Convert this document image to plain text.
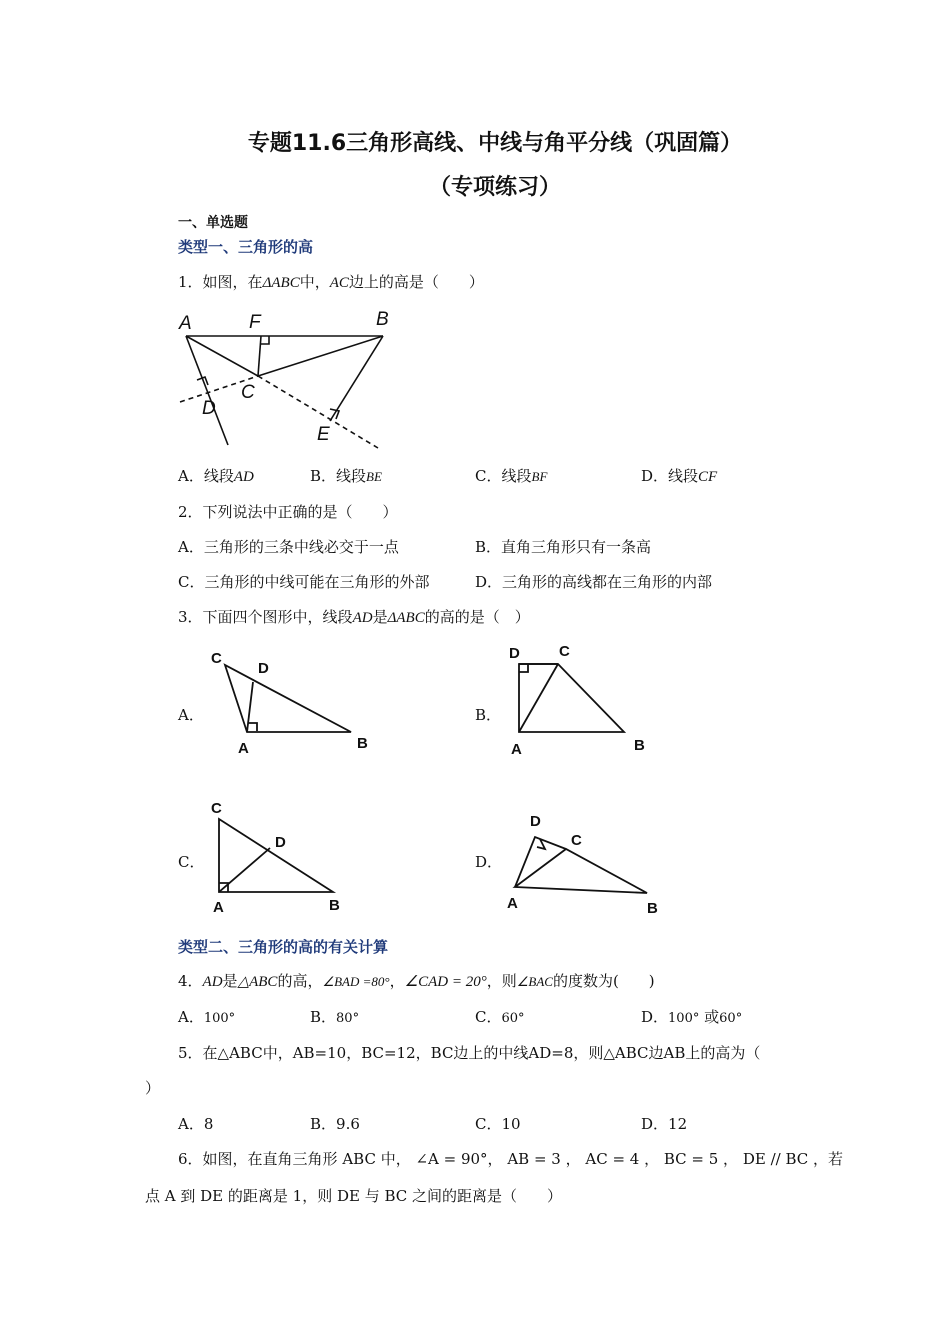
专题11.6三角形高线、中线与角平分线（巩固篇）
（专项练习）
一、单选题
类型一、三角形的高
1．如图，在ΔABC中，AC边上的高是（　　）
A	F	B
D
C
E
A．线段AD	B．线段BE	C．线段BF	D．线段CF
2．下列说法中正确的是（　　）
A．三角形的三条中线必交于一点	B．直角三角形只有一条高
C．三角形的中线可能在三角形的外部	D．三角形的高线都在三角形的内部
3．下面四个图形中，线段AD是ΔABC的高的是（　）
A．
C
D
A	B
B．
D	C
A	B
C．
C
D
A	B
D．
D
C
A	B
类型二、三角形的高的有关计算
4．AD是△ABC的高，∠BAD =80°，∠CAD = 20°，则∠BAC的度数为(　　)
A．100°	B．80°	C．60°	D．100° 或60°
5．在△ABC中，AB=10，BC=12，BC边上的中线AD=8，则△ABC边AB上的高为（
）
A．8	B．9.6	C．10	D．12
6．如图，在直角三角形 ABC 中， ∠A = 90°， AB = 3 ， AC = 4 ， BC = 5 ， DE // BC ，若
点 A 到 DE 的距离是 1，则 DE 与 BC 之间的距离是（　　）
